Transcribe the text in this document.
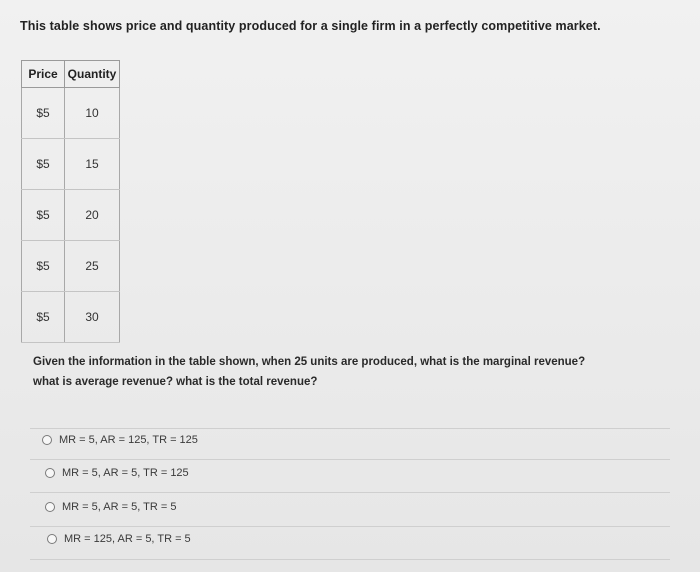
This table shows price and quantity produced for a single firm in a perfectly competitive market.
Price	Quantity
$5	10
$5	15
$5	20
$5	25
$5	30
Given the information in the table shown, when 25 units are produced, what is the marginal revenue?
what is average revenue? what is the total revenue?
MR = 5, AR = 125, TR = 125
MR = 5, AR = 5, TR = 125
MR = 5, AR = 5, TR = 5
MR = 125, AR = 5, TR = 5
